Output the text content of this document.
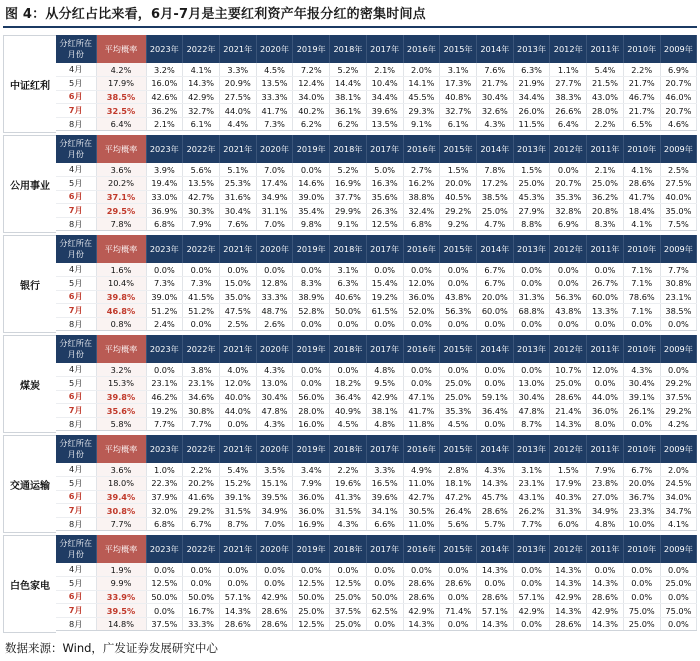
图 4：从分红占比来看，6月-7月是主要红利资产年报分红的密集时间点
中证红利
分红所在月份	平均概率	2023年	2022年	2021年	2020年	2019年	2018年	2017年	2016年	2015年	2014年	2013年	2012年	2011年	2010年	2009年
4月	4.2%	3.2%	4.1%	3.3%	4.5%	7.2%	5.2%	2.1%	2.0%	3.1%	7.6%	6.3%	1.1%	5.4%	2.2%	6.9%
5月	17.9%	16.0%	14.3%	20.9%	13.5%	12.4%	14.4%	10.4%	14.1%	17.3%	21.7%	21.9%	27.7%	21.5%	21.7%	20.7%
6月	38.5%	42.6%	42.9%	27.5%	33.3%	34.0%	38.1%	34.4%	45.5%	40.8%	30.4%	34.4%	38.3%	43.0%	46.7%	46.0%
7月	32.5%	36.2%	32.7%	44.0%	41.7%	40.2%	36.1%	39.6%	29.3%	32.7%	32.6%	26.0%	26.6%	28.0%	21.7%	20.7%
8月	6.4%	2.1%	6.1%	4.4%	7.3%	6.2%	6.2%	13.5%	9.1%	6.1%	4.3%	11.5%	6.4%	2.2%	6.5%	4.6%
公用事业
分红所在月份	平均概率	2023年	2022年	2021年	2020年	2019年	2018年	2017年	2016年	2015年	2014年	2013年	2012年	2011年	2010年	2009年
4月	3.6%	3.9%	5.6%	5.1%	7.0%	0.0%	5.2%	5.0%	2.7%	1.5%	7.8%	1.5%	0.0%	2.1%	4.1%	2.5%
5月	20.2%	19.4%	13.5%	25.3%	17.4%	14.6%	16.9%	16.3%	16.2%	20.0%	17.2%	25.0%	20.7%	25.0%	28.6%	27.5%
6月	37.1%	33.0%	42.7%	31.6%	34.9%	39.0%	37.7%	35.6%	38.8%	40.5%	38.5%	45.3%	35.3%	36.2%	41.7%	40.0%
7月	29.5%	36.9%	30.3%	30.4%	31.1%	35.4%	29.9%	26.3%	32.4%	29.2%	25.0%	27.9%	32.8%	20.8%	18.4%	35.0%
8月	7.8%	6.8%	7.9%	7.6%	7.0%	9.8%	9.1%	12.5%	6.8%	9.2%	4.7%	8.8%	6.9%	8.3%	4.1%	7.5%
银行
分红所在月份	平均概率	2023年	2022年	2021年	2020年	2019年	2018年	2017年	2016年	2015年	2014年	2013年	2012年	2011年	2010年	2009年
4月	1.6%	0.0%	0.0%	0.0%	0.0%	0.0%	3.1%	0.0%	0.0%	0.0%	6.7%	0.0%	0.0%	0.0%	7.1%	7.7%
5月	10.4%	7.3%	7.3%	15.0%	12.8%	8.3%	6.3%	15.4%	12.0%	0.0%	6.7%	0.0%	0.0%	26.7%	7.1%	30.8%
6月	39.8%	39.0%	41.5%	35.0%	33.3%	38.9%	40.6%	19.2%	36.0%	43.8%	20.0%	31.3%	56.3%	60.0%	78.6%	23.1%
7月	46.8%	51.2%	51.2%	47.5%	48.7%	52.8%	50.0%	61.5%	52.0%	56.3%	60.0%	68.8%	43.8%	13.3%	7.1%	38.5%
8月	0.8%	2.4%	0.0%	2.5%	2.6%	0.0%	0.0%	0.0%	0.0%	0.0%	0.0%	0.0%	0.0%	0.0%	0.0%	0.0%
煤炭
分红所在月份	平均概率	2023年	2022年	2021年	2020年	2019年	2018年	2017年	2016年	2015年	2014年	2013年	2012年	2011年	2010年	2009年
4月	3.2%	0.0%	3.8%	4.0%	4.3%	0.0%	0.0%	4.8%	0.0%	0.0%	0.0%	0.0%	10.7%	12.0%	4.3%	0.0%
5月	15.3%	23.1%	23.1%	12.0%	13.0%	0.0%	18.2%	9.5%	0.0%	25.0%	0.0%	13.0%	25.0%	0.0%	30.4%	29.2%
6月	39.8%	46.2%	34.6%	40.0%	30.4%	56.0%	36.4%	42.9%	47.1%	25.0%	59.1%	30.4%	28.6%	44.0%	39.1%	37.5%
7月	35.6%	19.2%	30.8%	44.0%	47.8%	28.0%	40.9%	38.1%	41.7%	35.3%	36.4%	47.8%	21.4%	36.0%	26.1%	29.2%
8月	5.8%	7.7%	7.7%	0.0%	4.3%	16.0%	4.5%	4.8%	11.8%	4.5%	0.0%	8.7%	14.3%	8.0%	0.0%	4.2%
交通运输
分红所在月份	平均概率	2023年	2022年	2021年	2020年	2019年	2018年	2017年	2016年	2015年	2014年	2013年	2012年	2011年	2010年	2009年
4月	3.6%	1.0%	2.2%	5.4%	3.5%	3.4%	2.2%	3.3%	4.9%	2.8%	4.3%	3.1%	1.5%	7.9%	6.7%	2.0%
5月	18.0%	22.3%	20.2%	15.2%	15.1%	7.9%	19.6%	16.5%	11.0%	18.1%	14.3%	23.1%	17.9%	23.8%	20.0%	24.5%
6月	39.4%	37.9%	41.6%	39.1%	39.5%	36.0%	41.3%	39.6%	42.7%	47.2%	45.7%	43.1%	40.3%	27.0%	36.7%	34.0%
7月	30.8%	32.0%	29.2%	31.5%	34.9%	36.0%	31.5%	34.1%	30.5%	26.4%	28.6%	26.2%	31.3%	34.9%	23.3%	34.7%
8月	7.7%	6.8%	6.7%	8.7%	7.0%	16.9%	4.3%	6.6%	11.0%	5.6%	5.7%	7.7%	6.0%	4.8%	10.0%	4.1%
白色家电
分红所在月份	平均概率	2023年	2022年	2021年	2020年	2019年	2018年	2017年	2016年	2015年	2014年	2013年	2012年	2011年	2010年	2009年
4月	1.9%	0.0%	0.0%	0.0%	0.0%	0.0%	0.0%	0.0%	0.0%	0.0%	14.3%	0.0%	14.3%	0.0%	0.0%	0.0%
5月	9.9%	12.5%	0.0%	0.0%	0.0%	12.5%	12.5%	0.0%	28.6%	28.6%	0.0%	0.0%	14.3%	14.3%	0.0%	25.0%
6月	33.9%	50.0%	50.0%	57.1%	42.9%	50.0%	25.0%	50.0%	28.6%	0.0%	28.6%	57.1%	42.9%	28.6%	0.0%	0.0%
7月	39.5%	0.0%	16.7%	14.3%	28.6%	25.0%	37.5%	62.5%	42.9%	71.4%	57.1%	42.9%	14.3%	42.9%	75.0%	75.0%
8月	14.8%	37.5%	33.3%	28.6%	28.6%	12.5%	25.0%	0.0%	14.3%	0.0%	14.3%	0.0%	28.6%	14.3%	25.0%	0.0%
数据来源：Wind，广发证券发展研究中心
